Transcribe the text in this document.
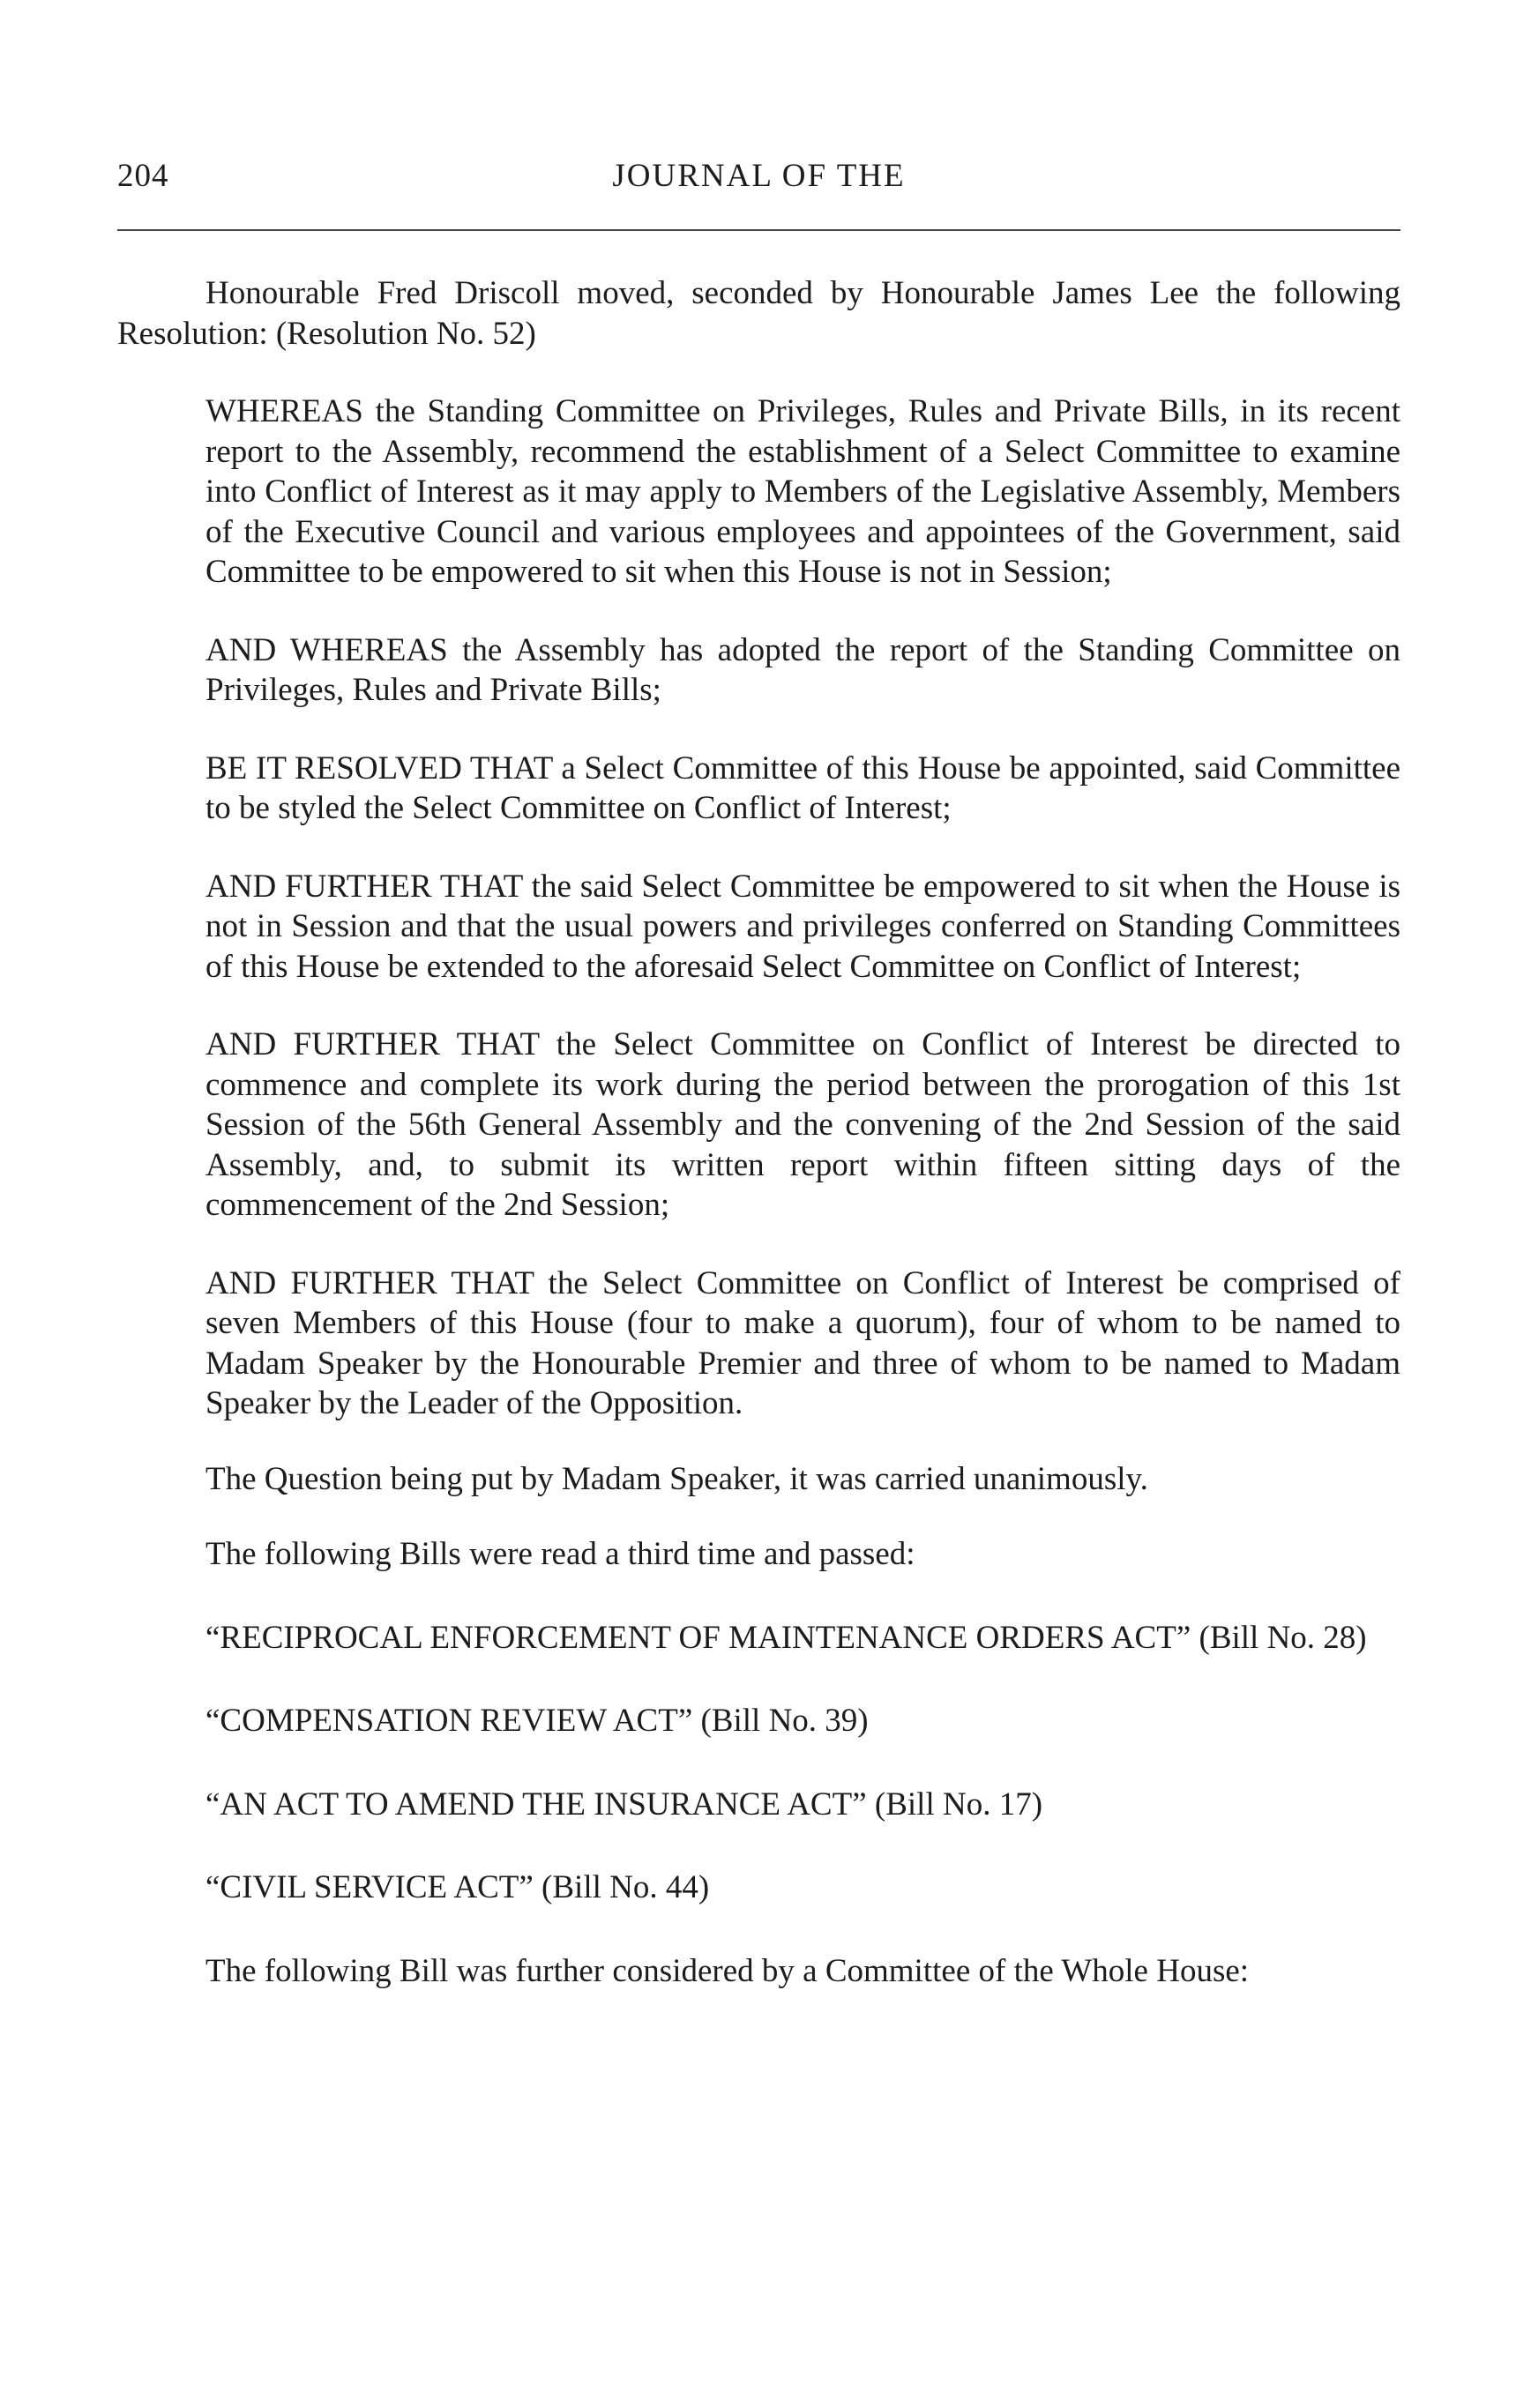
204	JOURNAL OF THE

Honourable Fred Driscoll moved, seconded by Honourable James Lee the following Resolution: (Resolution No. 52)

WHEREAS the Standing Committee on Privileges, Rules and Private Bills, in its recent report to the Assembly, recommend the establishment of a Select Committee to examine into Conflict of Interest as it may apply to Members of the Legislative Assembly, Members of the Executive Council and various employees and appointees of the Government, said Committee to be empowered to sit when this House is not in Session;

AND WHEREAS the Assembly has adopted the report of the Standing Committee on Privileges, Rules and Private Bills;

BE IT RESOLVED THAT a Select Committee of this House be appointed, said Committee to be styled the Select Committee on Conflict of Interest;

AND FURTHER THAT the said Select Committee be empowered to sit when the House is not in Session and that the usual powers and privileges conferred on Standing Committees of this House be extended to the aforesaid Select Committee on Conflict of Interest;

AND FURTHER THAT the Select Committee on Conflict of Interest be directed to commence and complete its work during the period between the prorogation of this 1st Session of the 56th General Assembly and the convening of the 2nd Session of the said Assembly, and, to submit its written report within fifteen sitting days of the commencement of the 2nd Session;

AND FURTHER THAT the Select Committee on Conflict of Interest be comprised of seven Members of this House (four to make a quorum), four of whom to be named to Madam Speaker by the Honourable Premier and three of whom to be named to Madam Speaker by the Leader of the Opposition.

The Question being put by Madam Speaker, it was carried unanimously.

The following Bills were read a third time and passed:

“RECIPROCAL ENFORCEMENT OF MAINTENANCE ORDERS ACT” (Bill No. 28)

“COMPENSATION REVIEW ACT” (Bill No. 39)

“AN ACT TO AMEND THE INSURANCE ACT” (Bill No. 17)

“CIVIL SERVICE ACT” (Bill No. 44)

The following Bill was further considered by a Committee of the Whole House:
